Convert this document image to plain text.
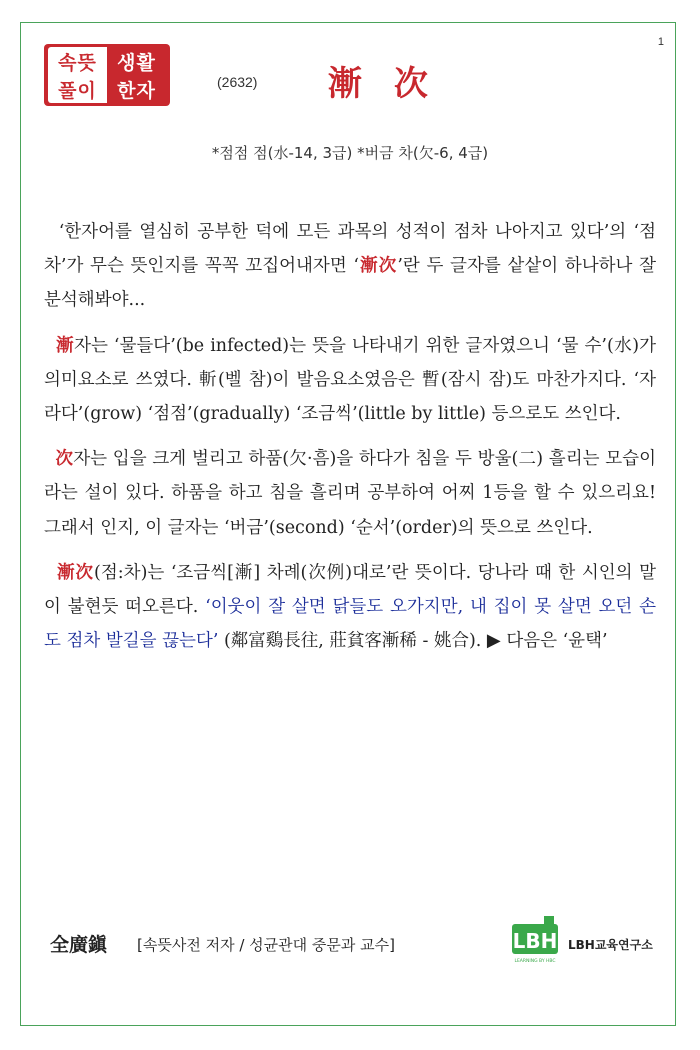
1
속뜻	생활
풀이	한자	(2632) 漸 次
*점점 점(水-14, 3급) *버금 차(欠-6, 4급)

‘한자어를 열심히 공부한 덕에 모든 과목의 성적이 점차 나아지고 있다’의 ‘점차’가 무슨 뜻인지를 꼭꼭 꼬집어내자면 ‘漸次’란 두 글자를 샅샅이 하나하나 잘 분석해봐야...

漸자는 ‘물들다’(be infected)는 뜻을 나타내기 위한 글자였으니 ‘물 수’(水)가 의미요소로 쓰였다. 斬(벨 참)이 발음요소였음은 暫(잠시 잠)도 마찬가지다. ‘자라다’(grow) ‘점점’(gradually) ‘조금씩’(little by little) 등으로도 쓰인다.

次자는 입을 크게 벌리고 하품(欠·흠)을 하다가 침을 두 방울(二) 흘리는 모습이라는 설이 있다. 하품을 하고 침을 흘리며 공부하여 어찌 1등을 할 수 있으리요! 그래서 인지, 이 글자는 ‘버금’(second) ‘순서’(order)의 뜻으로 쓰인다.

漸次(점:차)는 ‘조금씩[漸] 차례(次例)대로’란 뜻이다. 당나라 때 한 시인의 말이 불현듯 떠오른다. ‘이웃이 잘 살면 닭들도 오가지만, 내 집이 못 살면 오던 손도 점차 발길을 끊는다’ (鄰富鷄長往, 莊貧客漸稀 - 姚合). ▶ 다음은 ‘윤택’

全廣鎭 [속뜻사전 저자 / 성균관대 중문과 교수]	LBH
LEARNING BY HBC
LBH교육연구소
